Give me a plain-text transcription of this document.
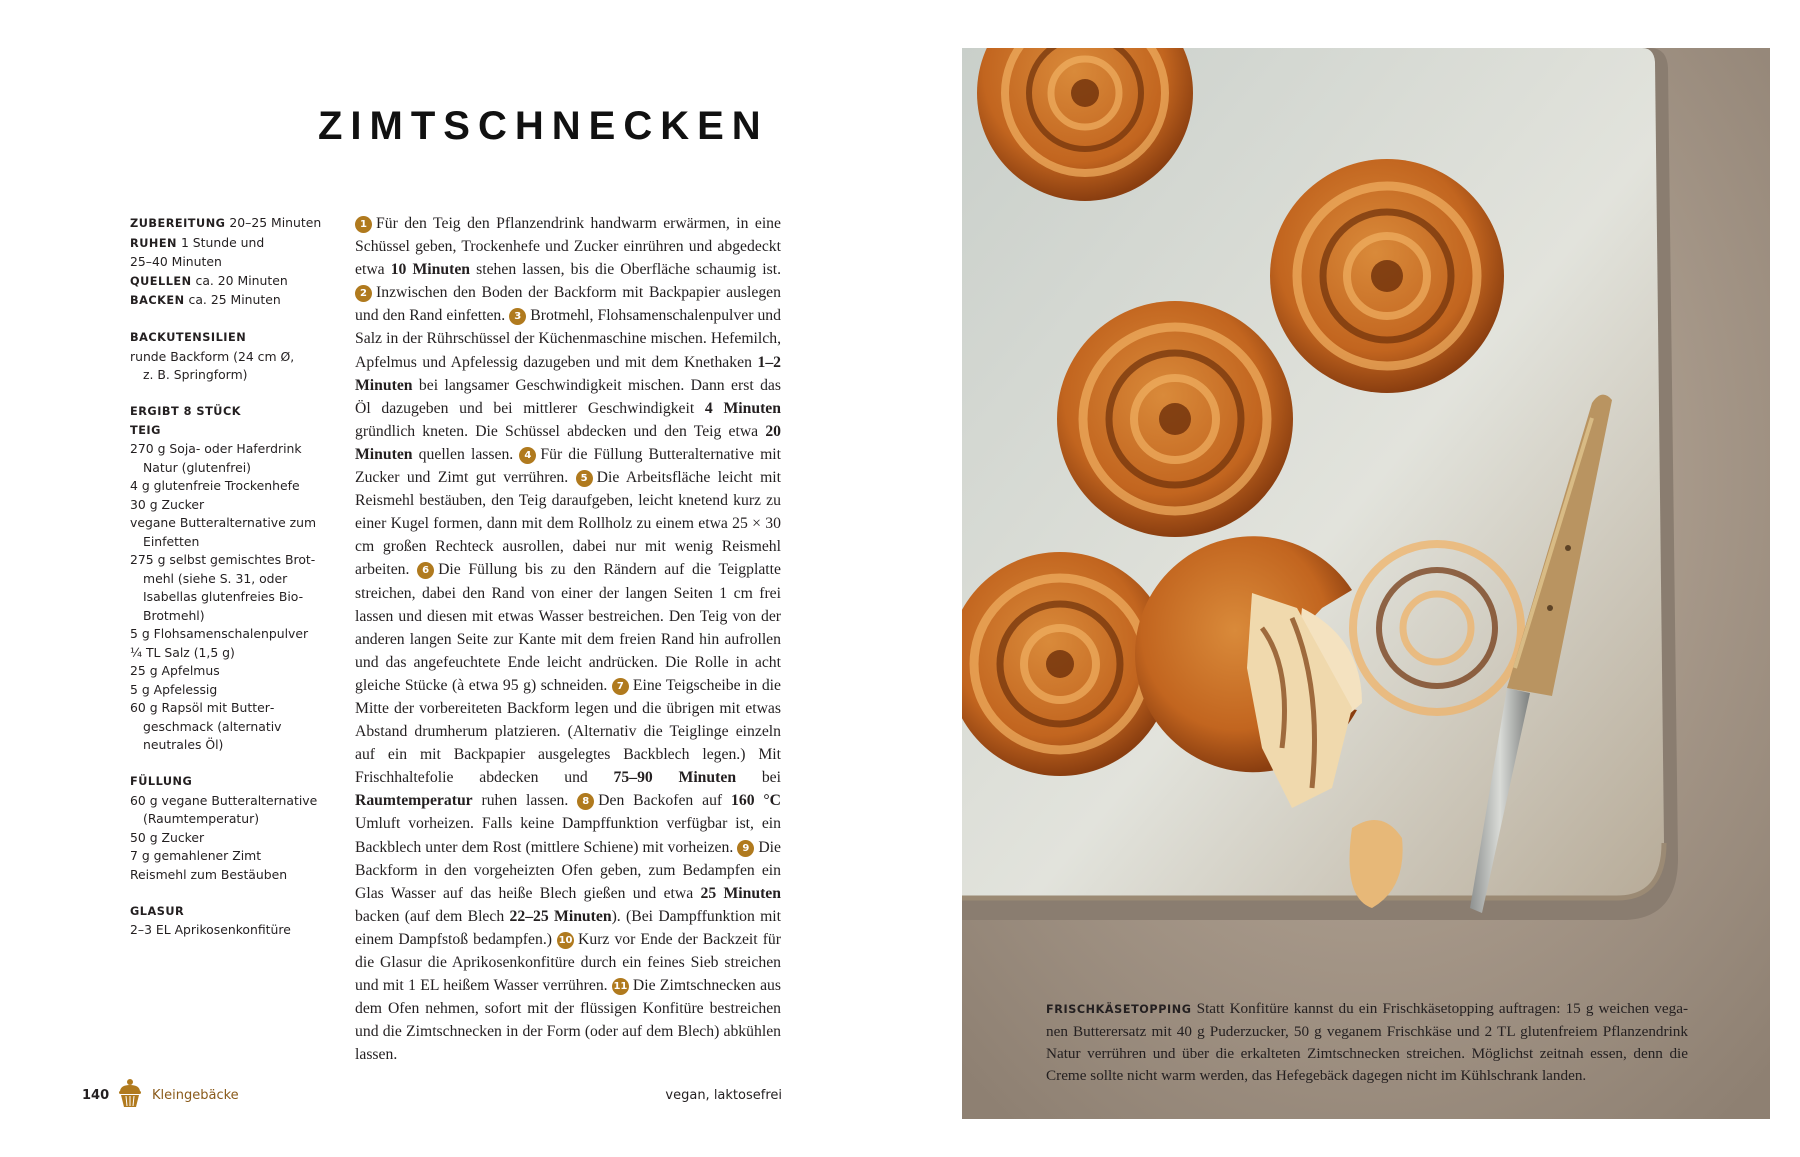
ZIMTSCHNECKEN
ZUBEREITUNG 20–25 Minuten
RUHEN 1 Stunde und
25–40 Minuten
QUELLEN ca. 20 Minuten
BACKEN ca. 25 Minuten
BACKUTENSILIEN
runde Backform (24 cm Ø,
z. B. Springform)
ERGIBT 8 STÜCK
TEIG
270 g Soja- oder Haferdrink Natur (glutenfrei)
4 g glutenfreie Trockenhefe
30 g Zucker
vegane Butteralternative zum Einfetten
275 g selbst gemischtes Brotmehl (siehe S. 31, oder Isabellas glutenfreies Bio-Brotmehl)
5 g Flohsamenschalenpulver
¼ TL Salz (1,5 g)
25 g Apfelmus
5 g Apfelessig
60 g Rapsöl mit Buttergeschmack (alternativ neutrales Öl)
FÜLLUNG
60 g vegane Butteralternative (Raumtemperatur)
50 g Zucker
7 g gemahlener Zimt
Reismehl zum Bestäuben
GLASUR
2–3 EL Aprikosenkonfitüre

1 Für den Teig den Pflanzendrink handwarm erwärmen, in eine Schüssel geben, Trockenhefe und Zucker einrühren und abgedeckt etwa 10 Minuten stehen lassen, bis die Oberfläche schaumig ist. 2 Inzwischen den Boden der Backform mit Backpapier auslegen und den Rand einfetten. 3 Brotmehl, Flohsamenschalenpulver und Salz in der Rührschüssel der Küchenmaschine mischen. Hefemilch, Apfelmus und Apfelessig dazugeben und mit dem Knethaken 1–2 Minuten bei langsamer Geschwindigkeit mischen. Dann erst das Öl dazugeben und bei mittlerer Geschwindigkeit 4 Minuten gründlich kneten. Die Schüssel abdecken und den Teig etwa 20 Minuten quellen lassen. 4 Für die Füllung Butteralternative mit Zucker und Zimt gut verrühren. 5 Die Arbeitsfläche leicht mit Reismehl bestäuben, den Teig daraufgeben, leicht knetend kurz zu einer Kugel formen, dann mit dem Rollholz zu einem etwa 25 × 30 cm großen Rechteck ausrollen, dabei nur mit wenig Reismehl arbeiten. 6 Die Füllung bis zu den Rändern auf die Teigplatte streichen, dabei den Rand von einer der langen Seiten 1 cm frei lassen und diesen mit etwas Wasser bestreichen. Den Teig von der anderen langen Seite zur Kante mit dem freien Rand hin aufrollen und das angefeuchtete Ende leicht andrücken. Die Rolle in acht gleiche Stücke (à etwa 95 g) schneiden. 7 Eine Teigscheibe in die Mitte der vorbereiteten Backform legen und die übrigen mit etwas Abstand drumherum platzieren. (Alternativ die Teiglinge einzeln auf ein mit Backpapier ausgelegtes Backblech legen.) Mit Frischhaltefolie abdecken und 75–90 Minuten bei Raumtemperatur ruhen lassen. 8 Den Backofen auf 160 °C Umluft vorheizen. Falls keine Dampffunktion verfügbar ist, ein Backblech unter dem Rost (mittlere Schiene) mit vorheizen. 9 Die Backform in den vorgeheizten Ofen geben, zum Bedampfen ein Glas Wasser auf das heiße Blech gießen und etwa 25 Minuten backen (auf dem Blech 22–25 Minuten). (Bei Dampffunktion mit einem Dampfstoß bedampfen.) 10 Kurz vor Ende der Backzeit für die Glasur die Aprikosenkonfitüre durch ein feines Sieb streichen und mit 1 EL heißem Wasser verrühren. 11 Die Zimtschnecken aus dem Ofen nehmen, sofort mit der flüssigen Konfitüre bestreichen und die Zimtschnecken in der Form (oder auf dem Blech) abkühlen lassen.

140	Kleingebäcke	vegan, laktosefrei
FRISCHKÄSETOPPING Statt Konfitüre kannst du ein Frischkäsetopping auftragen: 15 g weichen veganen Butterersatz mit 40 g Puderzucker, 50 g veganem Frischkäse und 2 TL glutenfreiem Pflanzendrink Natur verrühren und über die erkalteten Zimtschnecken streichen. Möglichst zeitnah essen, denn die Creme sollte nicht warm werden, das Hefegebäck dagegen nicht im Kühlschrank landen.
